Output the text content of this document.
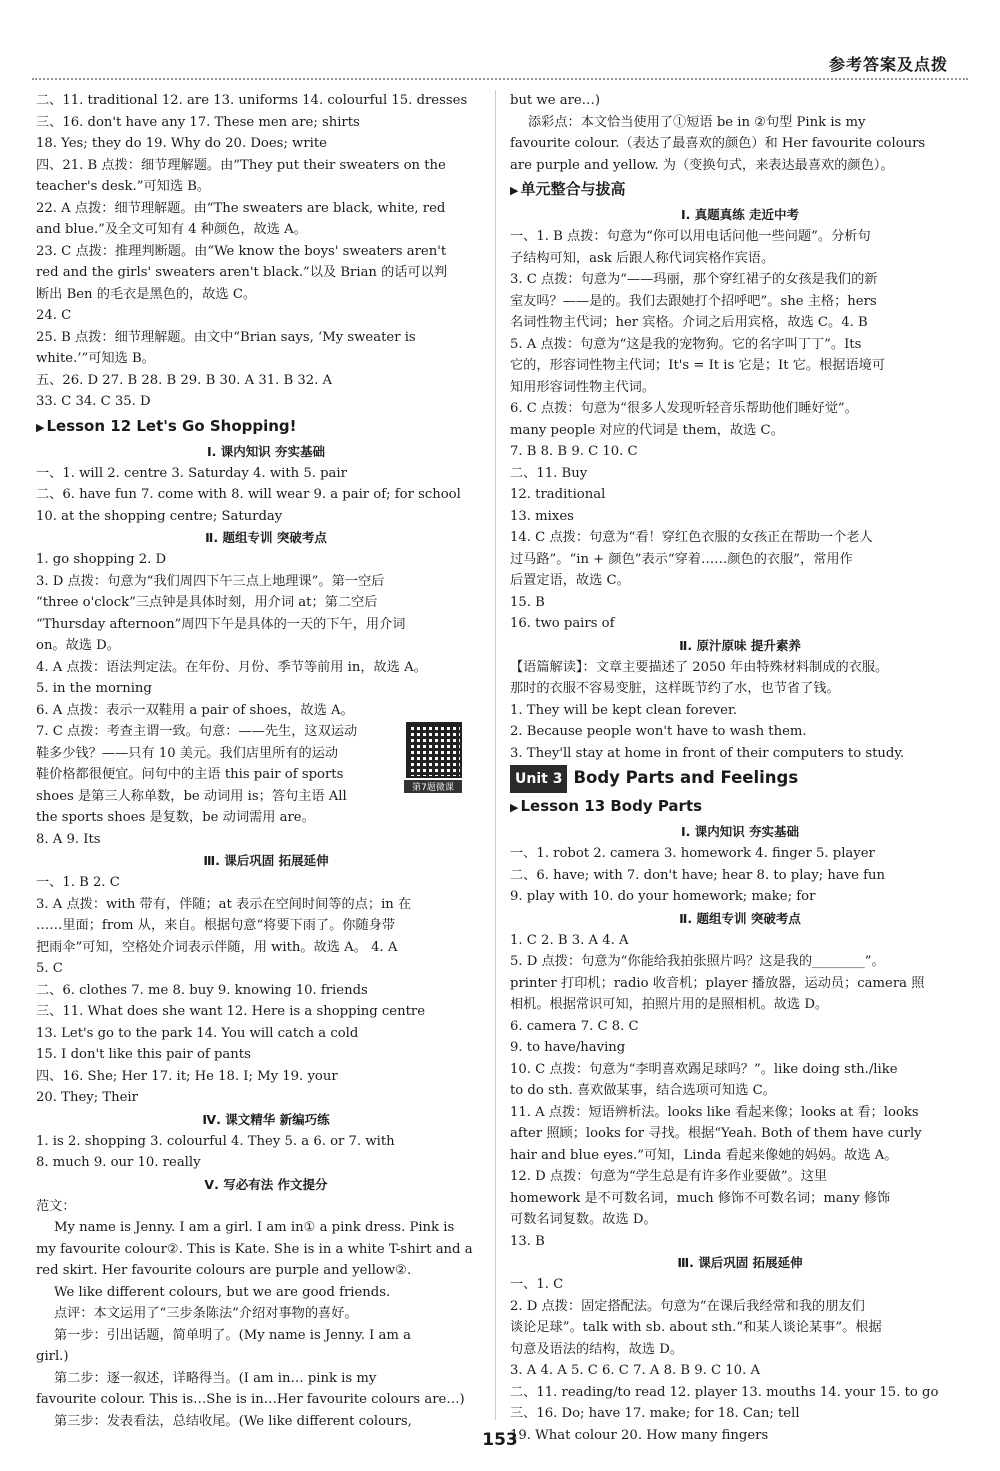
参考答案及点拨
二、11. traditional 12. are 13. uniforms 14. colourful 15. dresses
三、16. don't have any 17. These men are; shirts
18. Yes; they do 19. Why do 20. Does; write
四、21. B 点拨：细节理解题。由“They put their sweaters on the
teacher's desk.”可知选 B。
22. A 点拨：细节理解题。由“The sweaters are black, white, red
and blue.”及全文可知有 4 种颜色，故选 A。
23. C 点拨：推理判断题。由“We know the boys' sweaters aren't
red and the girls' sweaters aren't black.”以及 Brian 的话可以判
断出 Ben 的毛衣是黑色的，故选 C。
24. C
25. B 点拨：细节理解题。由文中“Brian says, ‘My sweater is
white.’”可知选 B。
五、26. D 27. B 28. B 29. B 30. A 31. B 32. A
33. C 34. C 35. D
▶ Lesson 12 Let's Go Shopping!
Ⅰ. 课内知识 夯实基础
一、1. will 2. centre 3. Saturday 4. with 5. pair
二、6. have fun 7. come with 8. will wear 9. a pair of; for school
10. at the shopping centre; Saturday
Ⅱ. 题组专训 突破考点
1. go shopping 2. D
3. D 点拨：句意为“我们周四下午三点上地理课”。第一空后
“three o'clock”三点钟是具体时刻，用介词 at；第二空后
“Thursday afternoon”周四下午是具体的一天的下午，用介词
on。故选 D。
4. A 点拨：语法判定法。在年份、月份、季节等前用 in，故选 A。
5. in the morning
6. A 点拨：表示一双鞋用 a pair of shoes，故选 A。
7. C 点拨：考查主谓一致。句意：——先生，这双运动
鞋多少钱？——只有 10 美元。我们店里所有的运动
鞋价格都很便宜。问句中的主语 this pair of sports
shoes 是第三人称单数，be 动词用 is；答句主语 All
the sports shoes 是复数，be 动词需用 are。
8. A 9. Its
Ⅲ. 课后巩固 拓展延伸
一、1. B 2. C
3. A 点拨：with 带有，伴随；at 表示在空间时间等的点；in 在
……里面；from 从，来自。根据句意“将要下雨了。你随身带
把雨伞”可知，空格处介词表示伴随，用 with。故选 A。 4. A
5. C
二、6. clothes 7. me 8. buy 9. knowing 10. friends
三、11. What does she want 12. Here is a shopping centre
13. Let's go to the park 14. You will catch a cold
15. I don't like this pair of pants
四、16. She; Her 17. it; He 18. I; My 19. your
20. They; Their
Ⅳ. 课文精华 新编巧练
1. is 2. shopping 3. colourful 4. They 5. a 6. or 7. with
8. much 9. our 10. really
Ⅴ. 写必有法 作文提分
范文：
My name is Jenny. I am a girl. I am in① a pink dress. Pink is
my favourite colour②. This is Kate. She is in a white T-shirt and a
red skirt. Her favourite colours are purple and yellow②.
We like different colours, but we are good friends.
点评：本文运用了“三步条陈法”介绍对事物的喜好。
第一步：引出话题，简单明了。(My name is Jenny. I am a
girl.)
第二步：逐一叙述，详略得当。(I am in… pink is my
favourite colour. This is…She is in…Her favourite colours are…)
第三步：发表看法，总结收尾。(We like different colours,
but we are…)
添彩点：本文恰当使用了①短语 be in ②句型 Pink is my
favourite colour.（表达了最喜欢的颜色）和 Her favourite colours
are purple and yellow. 为（变换句式，来表达最喜欢的颜色）。
▶ 单元整合与拔高
Ⅰ. 真题真练 走近中考
一、1. B 点拨：句意为“你可以用电话问他一些问题”。分析句
子结构可知，ask 后跟人称代词宾格作宾语。
3. C 点拨：句意为“——玛丽，那个穿红裙子的女孩是我们的新
室友吗？——是的。我们去跟她打个招呼吧”。she 主格；hers
名词性物主代词；her 宾格。介词之后用宾格，故选 C。4. B
5. A 点拨：句意为“这是我的宠物狗。它的名字叫丁丁”。Its
它的，形容词性物主代词；It's = It is 它是；It 它。根据语境可
知用形容词性物主代词。
6. C 点拨：句意为“很多人发现听轻音乐帮助他们睡好觉”。
many people 对应的代词是 them，故选 C。
7. B 8. B 9. C 10. C
二、11. Buy
12. traditional
13. mixes
14. C 点拨：句意为“看！穿红色衣服的女孩正在帮助一个老人
过马路”。“in + 颜色”表示“穿着……颜色的衣服”，常用作
后置定语，故选 C。
15. B
16. two pairs of
Ⅱ. 原汁原味 提升素养
【语篇解读】：文章主要描述了 2050 年由特殊材料制成的衣服。
那时的衣服不容易变脏，这样既节约了水，也节省了钱。
1. They will be kept clean forever.
2. Because people won't have to wash them.
3. They'll stay at home in front of their computers to study.
Unit 3 Body Parts and Feelings
▶ Lesson 13 Body Parts
Ⅰ. 课内知识 夯实基础
一、1. robot 2. camera 3. homework 4. finger 5. player
二、6. have; with 7. don't have; hear 8. to play; have fun
9. play with 10. do your homework; make; for
Ⅱ. 题组专训 突破考点
1. C 2. B 3. A 4. A
5. D 点拨：句意为“你能给我拍张照片吗？这是我的________”。
printer 打印机；radio 收音机；player 播放器，运动员；camera 照
相机。根据常识可知，拍照片用的是照相机。故选 D。
6. camera 7. C 8. C
9. to have/having
10. C 点拨：句意为“李明喜欢踢足球吗？”。like doing sth./like
to do sth. 喜欢做某事，结合选项可知选 C。
11. A 点拨：短语辨析法。looks like 看起来像；looks at 看；looks
after 照顾；looks for 寻找。根据“Yeah. Both of them have curly
hair and blue eyes.”可知，Linda 看起来像她的妈妈。故选 A。
12. D 点拨：句意为“学生总是有许多作业要做”。这里
homework 是不可数名词，much 修饰不可数名词；many 修饰
可数名词复数。故选 D。
13. B
Ⅲ. 课后巩固 拓展延伸
一、1. C
2. D 点拨：固定搭配法。句意为“在课后我经常和我的朋友们
谈论足球”。talk with sb. about sth.“和某人谈论某事”。根据
句意及语法的结构，故选 D。
3. A 4. A 5. C 6. C 7. A 8. B 9. C 10. A
二、11. reading/to read 12. player 13. mouths 14. your 15. to go
三、16. Do; have 17. make; for 18. Can; tell
19. What colour 20. How many fingers
第7题微课
153
